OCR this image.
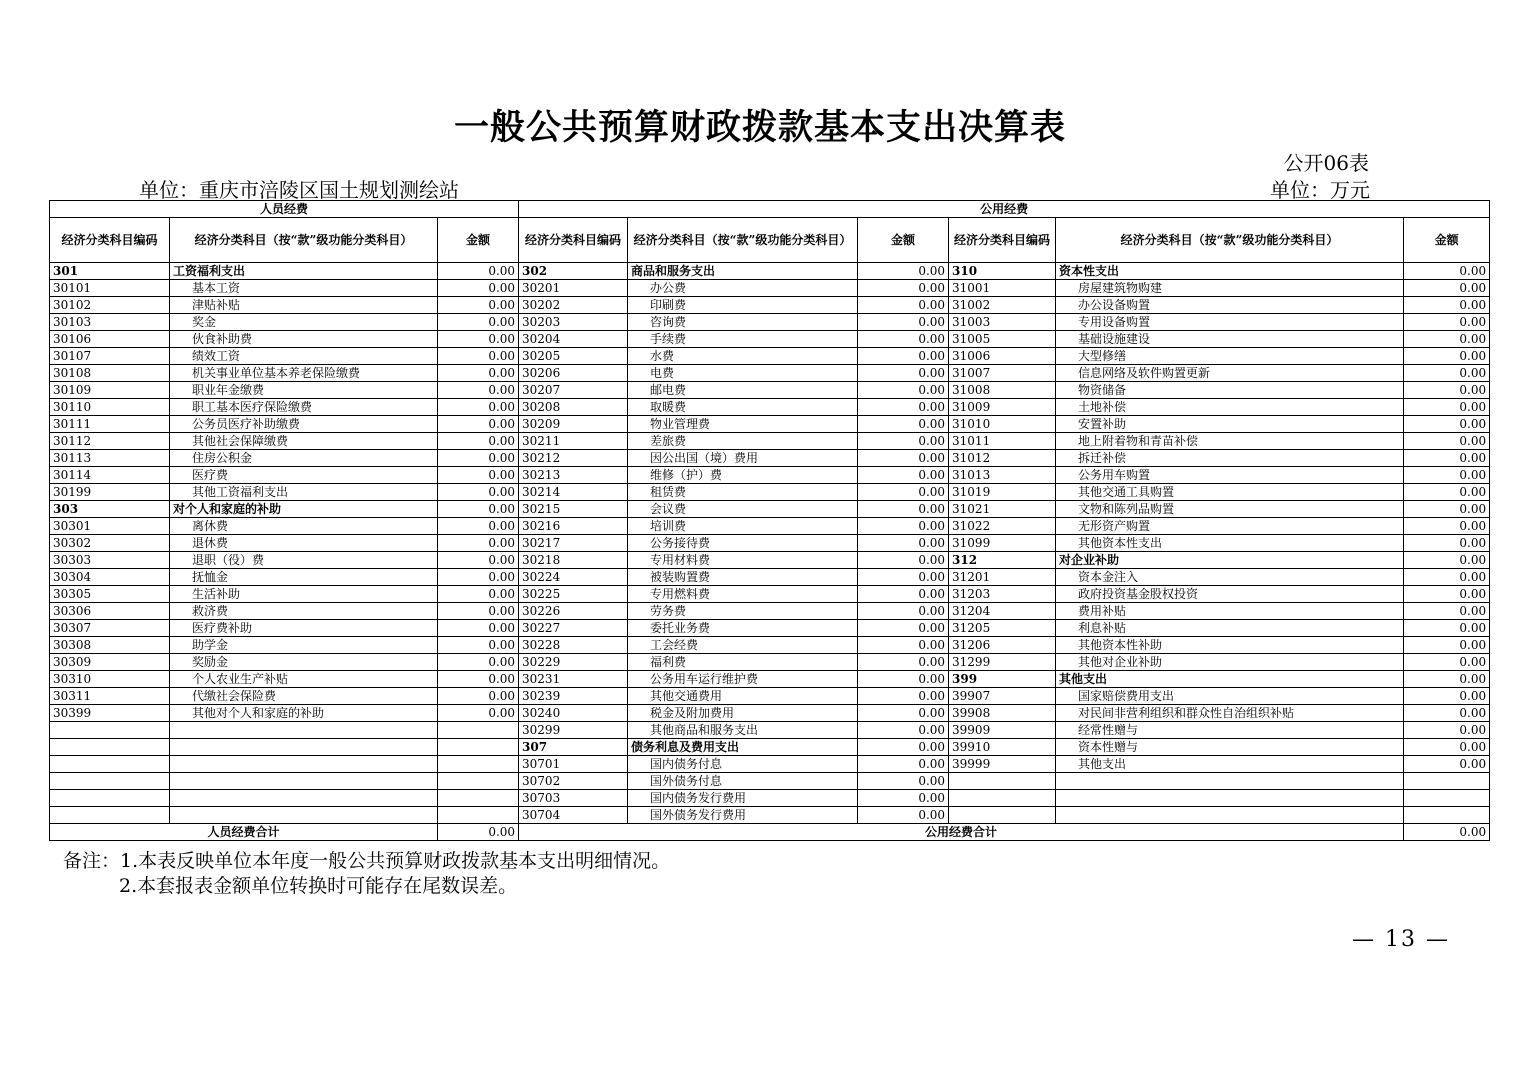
一般公共预算财政拨款基本支出决算表
公开06表
单位：重庆市涪陵区国土规划测绘站	单位：万元
人员经费			公用经费					
经济分类科目编码	经济分类科目（按“款”级功能分类科目）	金额	经济分类科目编码	经济分类科目（按“款”级功能分类科目）	金额	经济分类科目编码	经济分类科目（按“款”级功能分类科目）	金额
301	工资福利支出	0.00	302	商品和服务支出	0.00	310	资本性支出	0.00
30101	基本工资	0.00	30201	办公费	0.00	31001	房屋建筑物购建	0.00
30102	津贴补贴	0.00	30202	印刷费	0.00	31002	办公设备购置	0.00
30103	奖金	0.00	30203	咨询费	0.00	31003	专用设备购置	0.00
30106	伙食补助费	0.00	30204	手续费	0.00	31005	基础设施建设	0.00
30107	绩效工资	0.00	30205	水费	0.00	31006	大型修缮	0.00
30108	机关事业单位基本养老保险缴费	0.00	30206	电费	0.00	31007	信息网络及软件购置更新	0.00
30109	职业年金缴费	0.00	30207	邮电费	0.00	31008	物资储备	0.00
30110	职工基本医疗保险缴费	0.00	30208	取暖费	0.00	31009	土地补偿	0.00
30111	公务员医疗补助缴费	0.00	30209	物业管理费	0.00	31010	安置补助	0.00
30112	其他社会保障缴费	0.00	30211	差旅费	0.00	31011	地上附着物和青苗补偿	0.00
30113	住房公积金	0.00	30212	因公出国（境）费用	0.00	31012	拆迁补偿	0.00
30114	医疗费	0.00	30213	维修（护）费	0.00	31013	公务用车购置	0.00
30199	其他工资福利支出	0.00	30214	租赁费	0.00	31019	其他交通工具购置	0.00
303	对个人和家庭的补助	0.00	30215	会议费	0.00	31021	文物和陈列品购置	0.00
30301	离休费	0.00	30216	培训费	0.00	31022	无形资产购置	0.00
30302	退休费	0.00	30217	公务接待费	0.00	31099	其他资本性支出	0.00
30303	退职（役）费	0.00	30218	专用材料费	0.00	312	对企业补助	0.00
30304	抚恤金	0.00	30224	被装购置费	0.00	31201	资本金注入	0.00
30305	生活补助	0.00	30225	专用燃料费	0.00	31203	政府投资基金股权投资	0.00
30306	救济费	0.00	30226	劳务费	0.00	31204	费用补贴	0.00
30307	医疗费补助	0.00	30227	委托业务费	0.00	31205	利息补贴	0.00
30308	助学金	0.00	30228	工会经费	0.00	31206	其他资本性补助	0.00
30309	奖励金	0.00	30229	福利费	0.00	31299	其他对企业补助	0.00
30310	个人农业生产补贴	0.00	30231	公务用车运行维护费	0.00	399	其他支出	0.00
30311	代缴社会保险费	0.00	30239	其他交通费用	0.00	39907	国家赔偿费用支出	0.00
30399	其他对个人和家庭的补助	0.00	30240	税金及附加费用	0.00	39908	对民间非营利组织和群众性自治组织补贴	0.00
			30299	其他商品和服务支出	0.00	39909	经常性赠与	0.00
			307	债务利息及费用支出	0.00	39910	资本性赠与	0.00
			30701	国内债务付息	0.00	39999	其他支出	0.00
			30702	国外债务付息	0.00			
			30703	国内债务发行费用	0.00			
			30704	国外债务发行费用	0.00			
人员经费合计		0.00	公用经费合计					0.00
备注：1.本表反映单位本年度一般公共预算财政拨款基本支出明细情况。
2.本套报表金额单位转换时可能存在尾数误差。
— 13 —
